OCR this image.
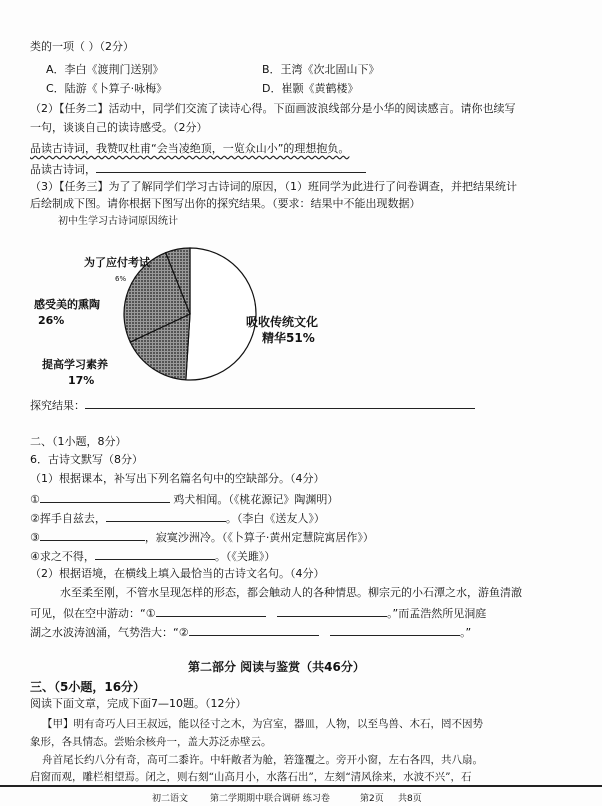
类的一项（ ）（2分）
A．李白《渡荆门送别》	B．王湾《次北固山下》
C．陆游《卜算子·咏梅》	D．崔颢《黄鹤楼》
（2）【任务二】活动中，同学们交流了读诗心得。下面画波浪线部分是小华的阅读感言。请你也续写
一句，谈谈自己的读诗感受。（2分）
品读古诗词，我赞叹杜甫“会当凌绝顶，一览众山小”的理想抱负。
品读古诗词，
（3）【任务三】为了了解同学们学习古诗词的原因，（1）班同学为此进行了问卷调查，并把结果统计
后绘制成下图。请你根据下图写出你的探究结果。（要求：结果中不能出现数据）
初中生学习古诗词原因统计
为了应付考试
6%
感受美的熏陶
26%
提高学习素养
17%
吸收传统文化
精华51%
探究结果：
二、（1小题，8分）
6．古诗文默写（8分）
（1）根据课本，补写出下列名篇名句中的空缺部分。（4分）
①	鸡犬相闻。（《桃花源记》陶渊明）
②挥手自兹去，	。（李白《送友人》）
③	，寂寞沙洲冷。（《卜算子·黄州定慧院寓居作》）
④求之不得，	。（《关雎》）
（2）根据语境，在横线上填入最恰当的古诗文名句。（4分）
水至柔至刚，不管水呈现怎样的形态，都会触动人的各种情思。柳宗元的小石潭之水，游鱼清澈
可见，似在空中游动：“①	。”而孟浩然所见洞庭
湖之水波涛汹涌，气势浩大：“②	。”
第二部分 阅读与鉴赏（共46分）
三、（5小题，16分）
阅读下面文章，完成下面7—10题。（12分）
【甲】明有奇巧人曰王叔远，能以径寸之木，为宫室，器皿，人物，以至鸟兽、木石，罔不因势
象形，各具情态。尝贻余核舟一，盖大苏泛赤壁云。
舟首尾长约八分有奇，高可二黍许。中轩敞者为舱，箬篷覆之。旁开小窗，左右各四，共八扇。
启窗而观，雕栏相望焉。闭之，则右刻“山高月小，水落石出”，左刻“清风徐来，水波不兴”，石
初二语文 第二学期期中联合调研 练习卷	第2页 共8页
